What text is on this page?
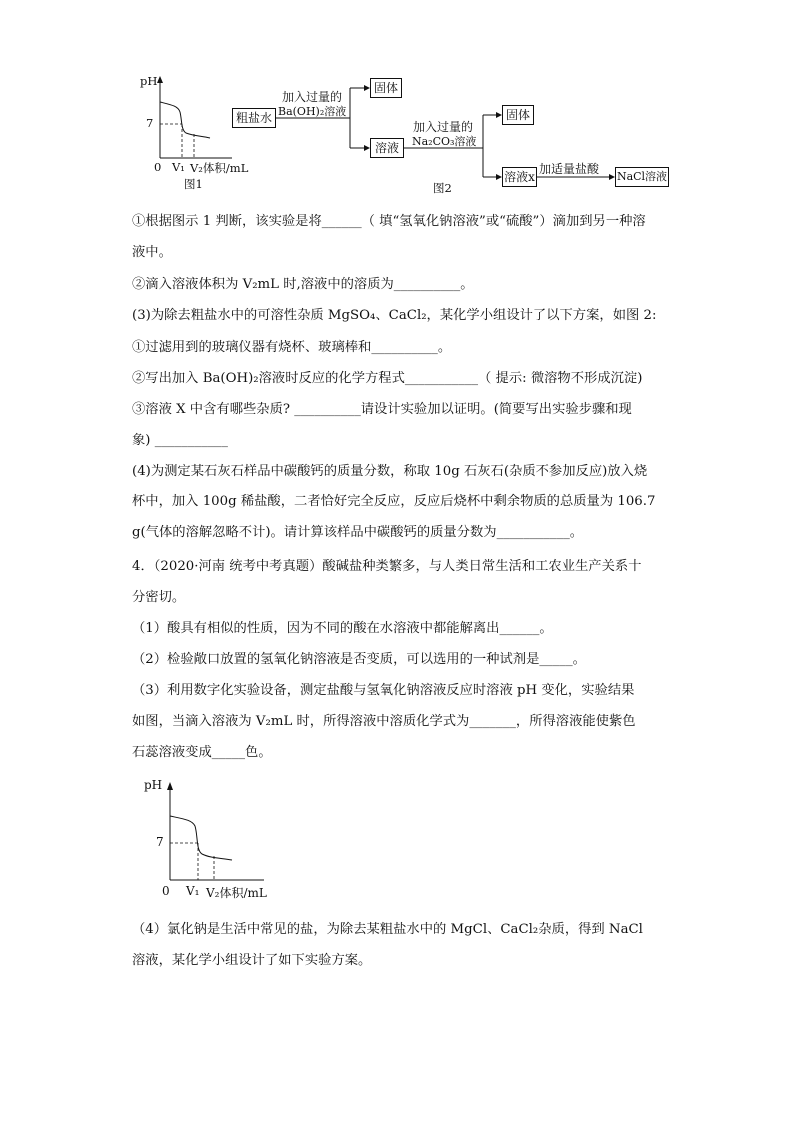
pH
7
0 V₁ V₂体积/mL
图1
粗盐水
加入过量的
Ba(OH)₂溶液
固体
溶液
加入过量的
Na₂CO₃溶液
固体
溶液x
加适量盐酸
NaCl溶液
图2
①根据图示 1 判断，该实验是将______（ 填“氢氧化钠溶液”或“硫酸”）滴加到另一种溶
液中。
②滴入溶液体积为 V₂mL 时,溶液中的溶质为__________。
(3)为除去粗盐水中的可溶性杂质 MgSO₄、CaCl₂，某化学小组设计了以下方案，如图 2:
①过滤用到的玻璃仪器有烧杯、玻璃棒和__________。
②写出加入 Ba(OH)₂溶液时反应的化学方程式___________（ 提示: 微溶物不形成沉淀)
③溶液 X 中含有哪些杂质? __________请设计实验加以证明。(简要写出实验步骤和现
象) ___________
(4)为测定某石灰石样品中碳酸钙的质量分数，称取 10g 石灰石(杂质不参加反应)放入烧
杯中，加入 100g 稀盐酸，二者恰好完全反应，反应后烧杯中剩余物质的总质量为 106.7
g(气体的溶解忽略不计)。请计算该样品中碳酸钙的质量分数为___________。
4．（2020·河南 统考中考真题）酸碱盐种类繁多，与人类日常生活和工农业生产关系十
分密切。
（1）酸具有相似的性质，因为不同的酸在水溶液中都能解离出______。
（2）检验敞口放置的氢氧化钠溶液是否变质，可以选用的一种试剂是_____。
（3）利用数字化实验设备，测定盐酸与氢氧化钠溶液反应时溶液 pH 变化，实验结果
如图，当滴入溶液为 V₂mL 时，所得溶液中溶质化学式为_______，所得溶液能使紫色
石蕊溶液变成_____色。
（4）氯化钠是生活中常见的盐，为除去某粗盐水中的 MgCl、CaCl₂杂质，得到 NaCl
溶液，某化学小组设计了如下实验方案。
pH
7
0 V₁ V₂体积/mL
